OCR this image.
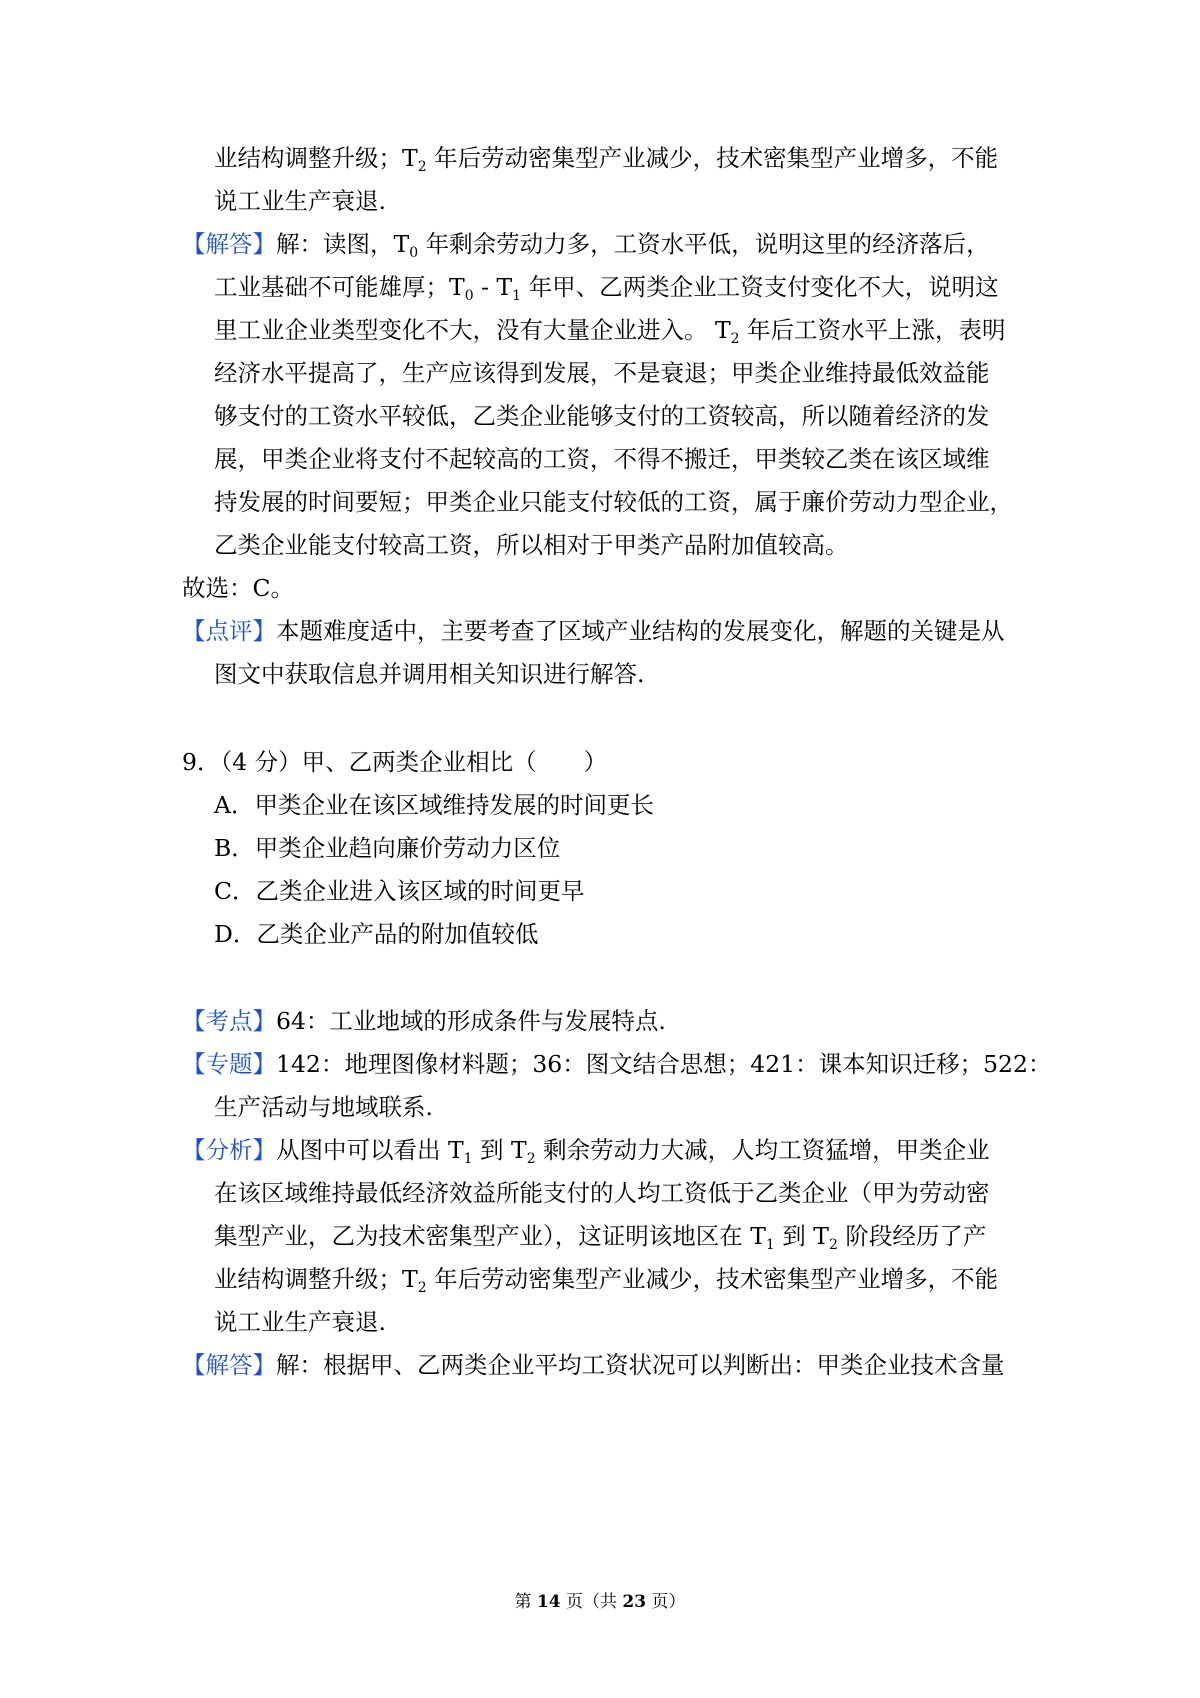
业结构调整升级；$T_2$ 年后劳动密集型产业减少，技术密集型产业增多，不能
说工业生产衰退.
【解答】解：读图，$T_0$ 年剩余劳动力多，工资水平低，说明这里的经济落后，
工业基础不可能雄厚；$T_0 - T_1$ 年甲、乙两类企业工资支付变化不大，说明这
里工业企业类型变化不大，没有大量企业进入。 $T_2$ 年后工资水平上涨，表明
经济水平提高了，生产应该得到发展，不是衰退；甲类企业维持最低效益能
够支付的工资水平较低，乙类企业能够支付的工资较高，所以随着经济的发
展，甲类企业将支付不起较高的工资，不得不搬迁，甲类较乙类在该区域维
持发展的时间要短；甲类企业只能支付较低的工资，属于廉价劳动力型企业，
乙类企业能支付较高工资，所以相对于甲类产品附加值较高。
故选：C。
【点评】本题难度适中，主要考查了区域产业结构的发展变化，解题的关键是从
图文中获取信息并调用相关知识进行解答.
9．（4 分）甲、乙两类企业相比（　　）
A．甲类企业在该区域维持发展的时间更长
B．甲类企业趋向廉价劳动力区位
C．乙类企业进入该区域的时间更早
D．乙类企业产品的附加值较低
【考点】64：工业地域的形成条件与发展特点.
【专题】142：地理图像材料题；36：图文结合思想；421：课本知识迁移；522：
生产活动与地域联系.
【分析】从图中可以看出 $T_1$ 到 $T_2$ 剩余劳动力大减，人均工资猛增，甲类企业
在该区域维持最低经济效益所能支付的人均工资低于乙类企业（甲为劳动密
集型产业，乙为技术密集型产业），这证明该地区在 $T_1$ 到 $T_2$ 阶段经历了产
业结构调整升级；$T_2$ 年后劳动密集型产业减少，技术密集型产业增多，不能
说工业生产衰退.
【解答】解：根据甲、乙两类企业平均工资状况可以判断出：甲类企业技术含量
第 14 页（共 23 页）
